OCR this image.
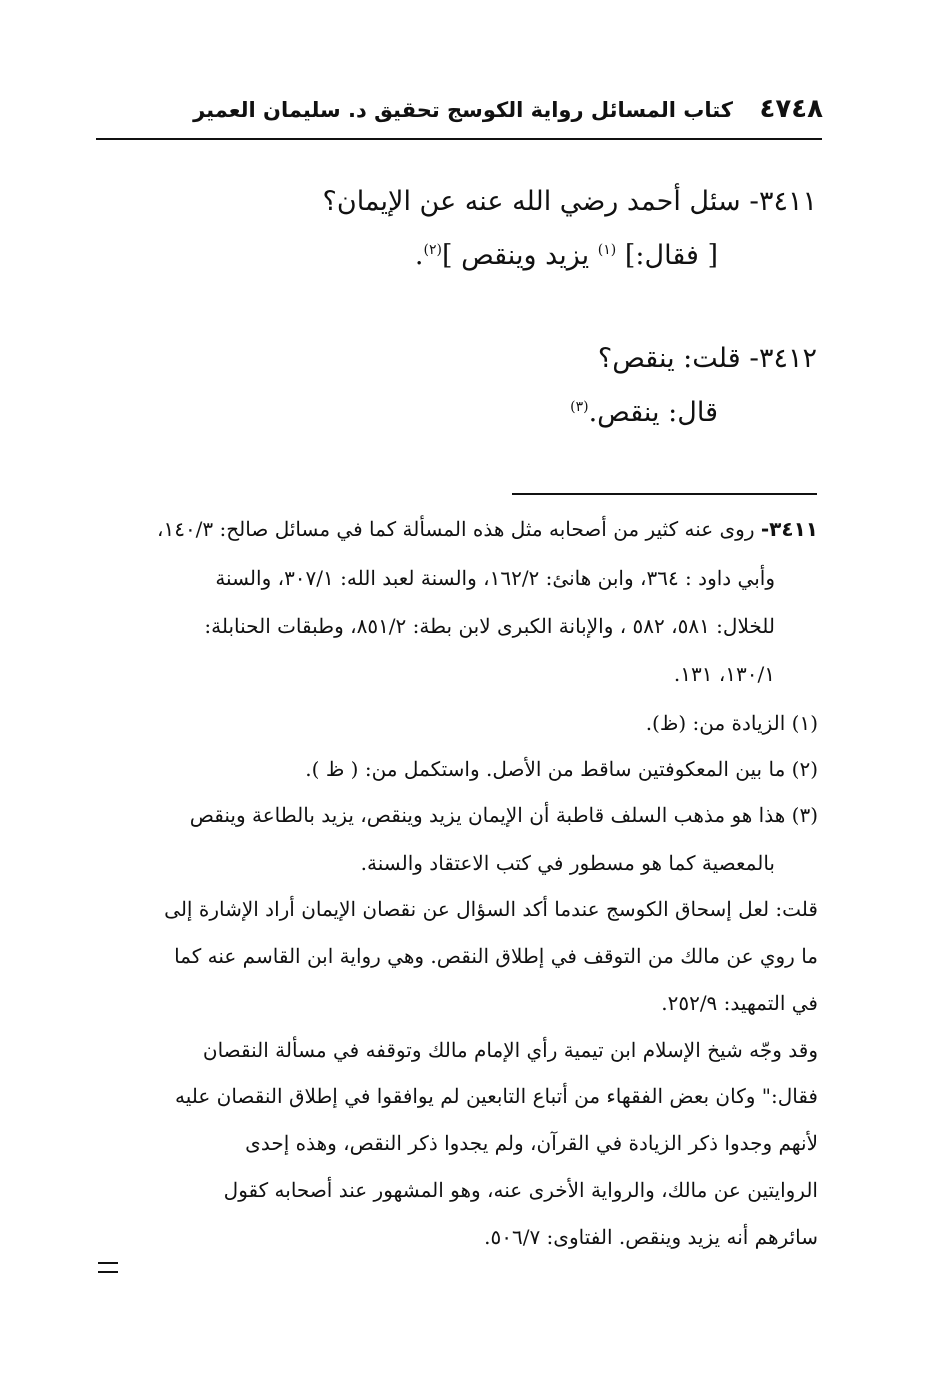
٤٧٤٨
كتاب المسائل رواية الكوسج تحقيق د. سليمان العمير
٣٤١١- سئل أحمد رضي الله عنه عن الإيمان؟
[ فقال:] $^{(١)}$ يزيد وينقص ]$^{(٢)}$.
٣٤١٢- قلت: ينقص؟
قال: ينقص.$^{(٣)}$
٣٤١١- روى عنه كثير من أصحابه مثل هذه المسألة كما في مسائل صالح: ١٤٠/٣،
وأبي داود : ٣٦٤، وابن هانئ: ١٦٢/٢، والسنة لعبد الله: ٣٠٧/١، والسنة
للخلال: ٥٨١، ٥٨٢ ، والإبانة الكبرى لابن بطة: ٨٥١/٢، وطبقات الحنابلة:
١٣٠/١، ١٣١.
(١) الزيادة من: (ظ).
(٢) ما بين المعكوفتين ساقط من الأصل. واستكمل من: ( ظ ).
(٣) هذا هو مذهب السلف قاطبة أن الإيمان يزيد وينقص، يزيد بالطاعة وينقص
بالمعصية كما هو مسطور في كتب الاعتقاد والسنة.
قلت: لعل إسحاق الكوسج عندما أكد السؤال عن نقصان الإيمان أراد الإشارة إلى
ما روي عن مالك من التوقف في إطلاق النقص. وهي رواية ابن القاسم عنه كما
في التمهيد: ٢٥٢/٩.
وقد وجّه شيخ الإسلام ابن تيمية رأي الإمام مالك وتوقفه في مسألة النقصان
فقال:" وكان بعض الفقهاء من أتباع التابعين لم يوافقوا في إطلاق النقصان عليه
لأنهم وجدوا ذكر الزيادة في القرآن، ولم يجدوا ذكر النقص، وهذه إحدى
الروايتين عن مالك، والرواية الأخرى عنه، وهو المشهور عند أصحابه كقول
سائرهم أنه يزيد وينقص. الفتاوى: ٥٠٦/٧.
